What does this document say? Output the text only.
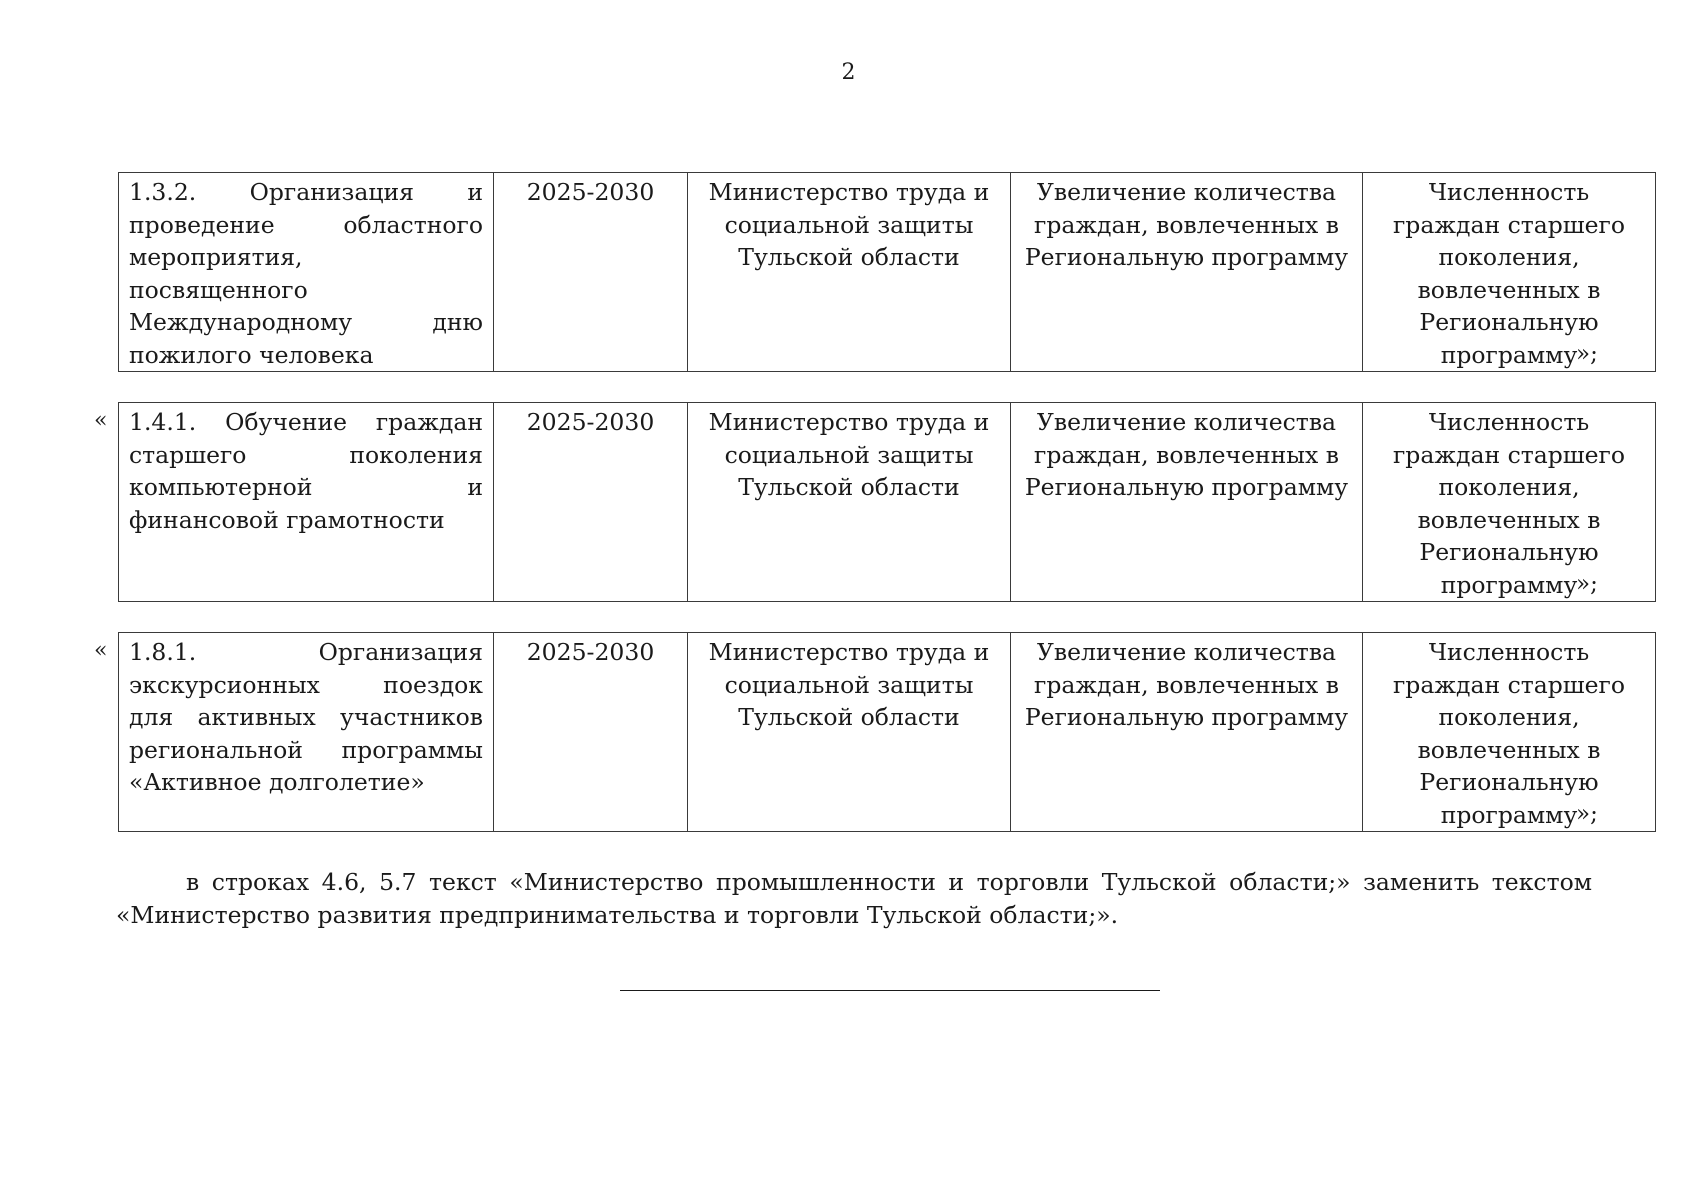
2
1.3.2. Организация и
проведение областного
мероприятия,
посвященного
Международному дню
пожилого человека
	2025-2030	Министерство труда и социальной защиты Тульской области	Увеличение количества граждан, вовлеченных в Региональную программу	Численность граждан старшего поколения, вовлеченных в Региональную программу
»;
« 1.4.1. Обучение граждан
старшего поколения
компьютерной и
финансовой грамотности
	2025-2030	Министерство труда и социальной защиты Тульской области	Увеличение количества граждан, вовлеченных в Региональную программу	Численность граждан старшего поколения, вовлеченных в Региональную программу
»;
« 1.8.1. Организация
экскурсионных поездок
для активных участников
региональной программы
«Активное долголетие»
	2025-2030	Министерство труда и социальной защиты Тульской области	Увеличение количества граждан, вовлеченных в Региональную программу	Численность граждан старшего поколения, вовлеченных в Региональную программу
»;
в строках 4.6, 5.7 текст «Министерство промышленности и торговли Тульской области;» заменить текстом «Министерство развития предпринимательства и торговли Тульской области;».
